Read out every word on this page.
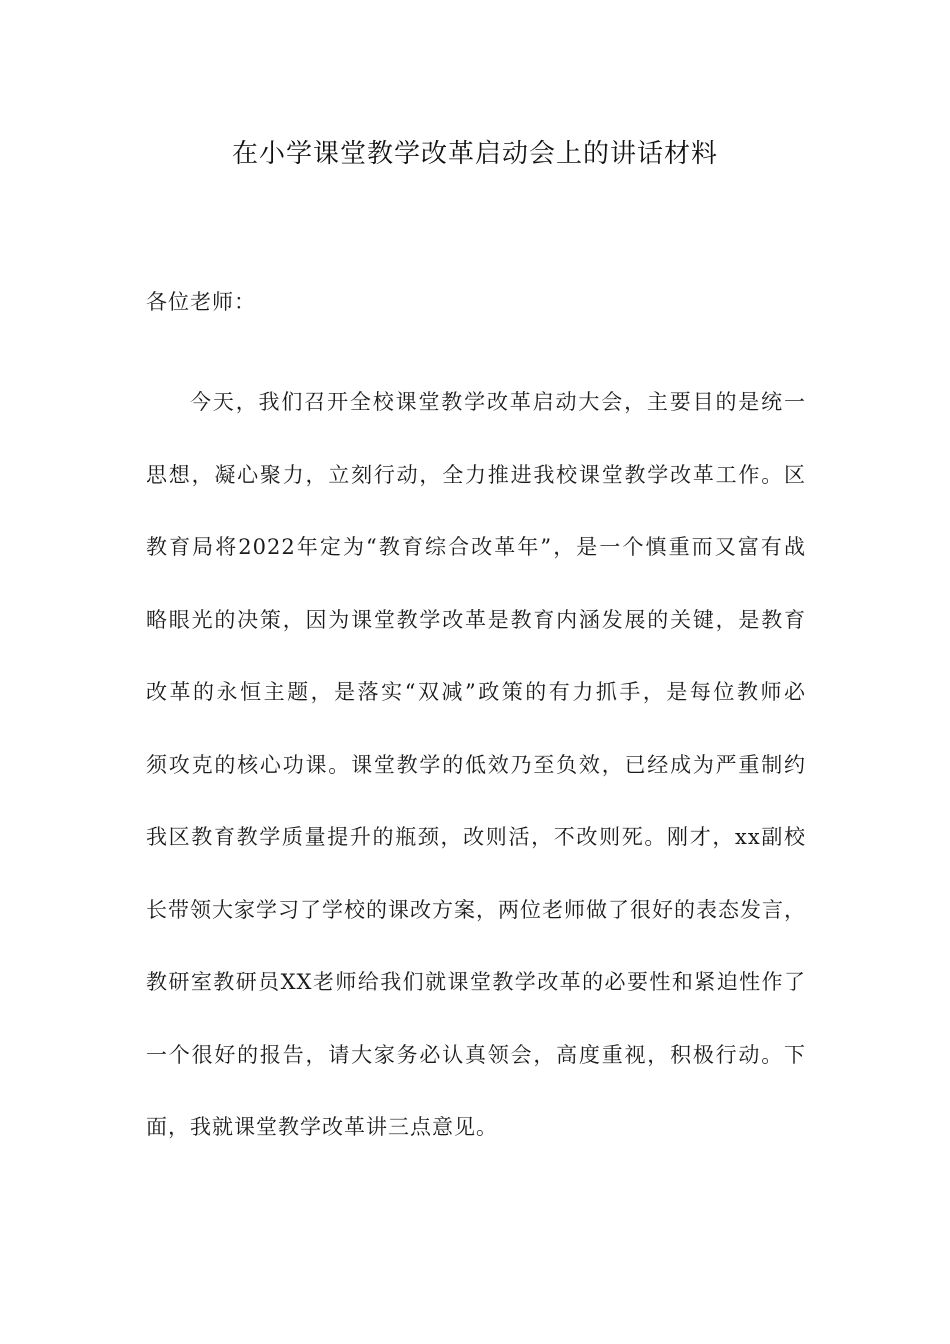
在小学课堂教学改革启动会上的讲话材料

各位老师：

今天，我们召开全校课堂教学改革启动大会，主要目的是统一
思想，凝心聚力，立刻行动，全力推进我校课堂教学改革工作。区
教育局将2022年定为“教育综合改革年”，是一个慎重而又富有战
略眼光的决策，因为课堂教学改革是教育内涵发展的关键，是教育
改革的永恒主题，是落实“双减”政策的有力抓手，是每位教师必
须攻克的核心功课。课堂教学的低效乃至负效，已经成为严重制约
我区教育教学质量提升的瓶颈，改则活，不改则死。刚才，xx副校
长带领大家学习了学校的课改方案，两位老师做了很好的表态发言，
教研室教研员XX老师给我们就课堂教学改革的必要性和紧迫性作了
一个很好的报告，请大家务必认真领会，高度重视，积极行动。下
面，我就课堂教学改革讲三点意见。
